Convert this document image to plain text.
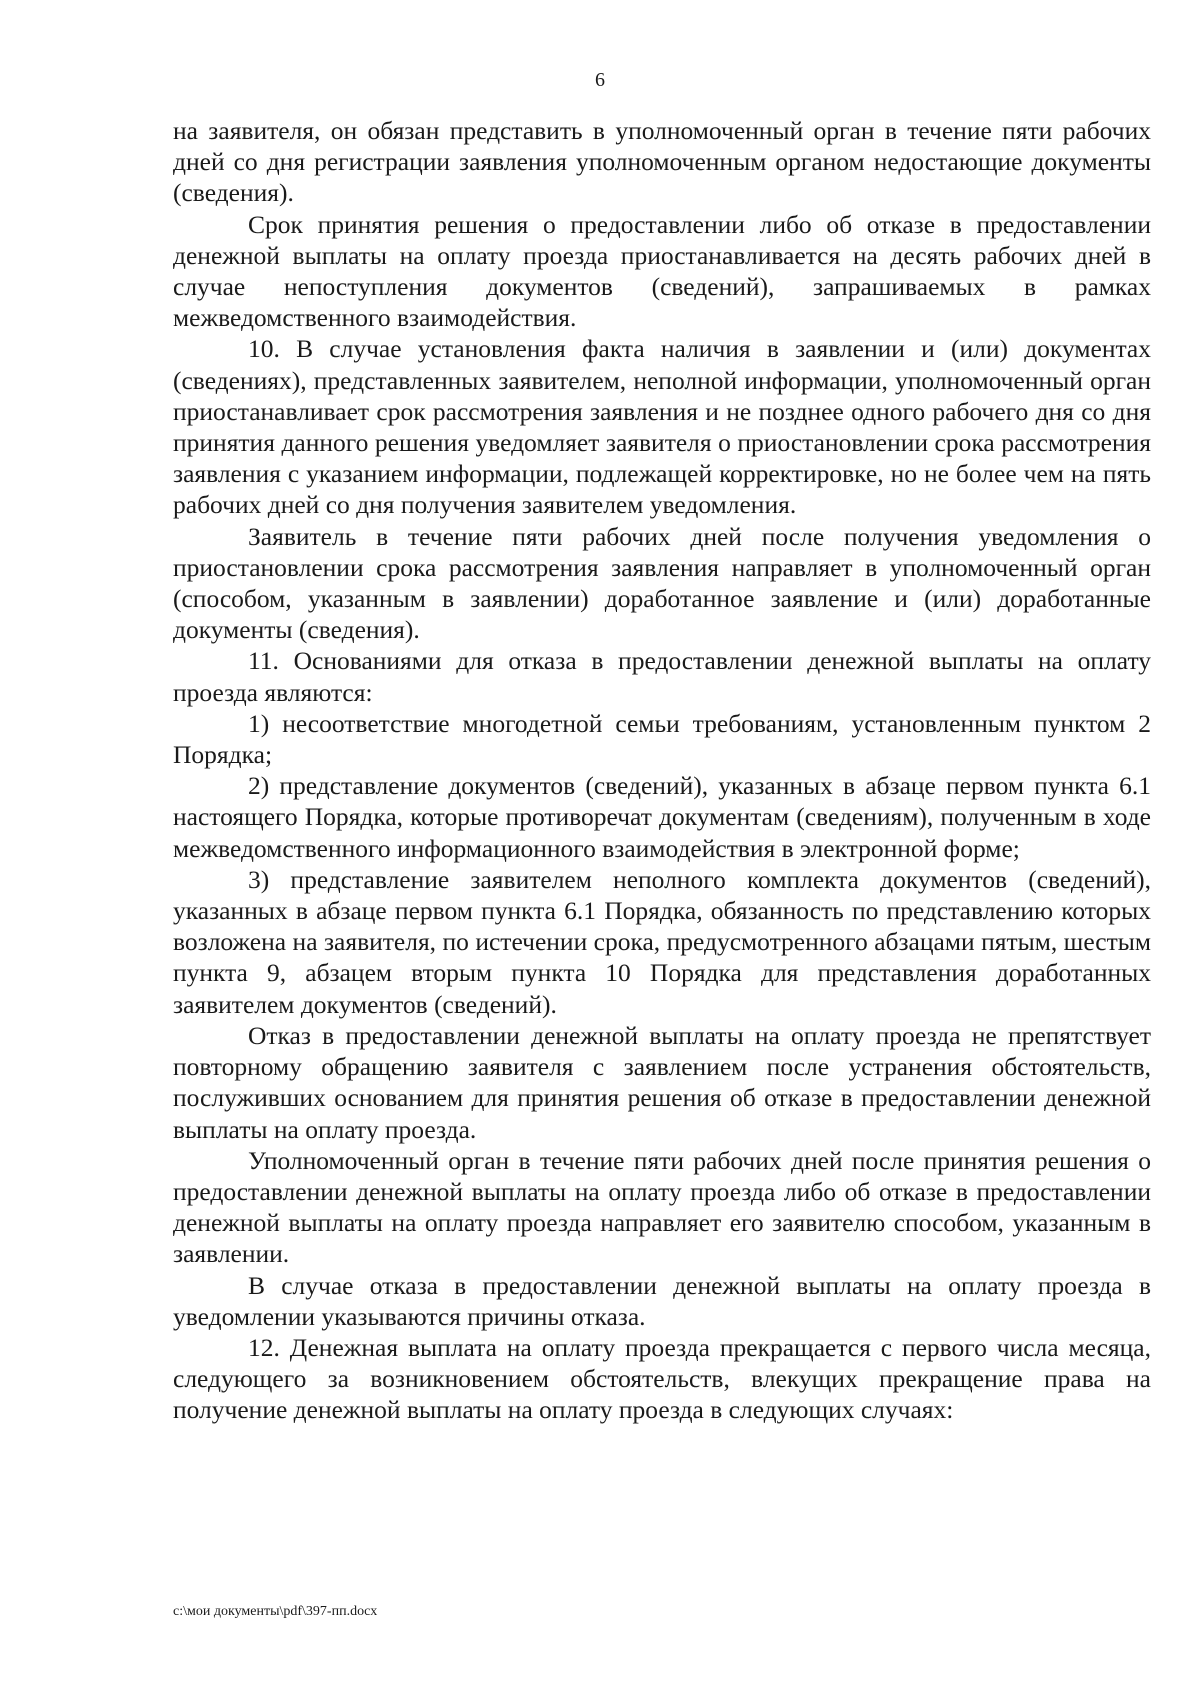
6

на заявителя, он обязан представить в уполномоченный орган в течение пяти рабочих дней со дня регистрации заявления уполномоченным органом недостающие документы (сведения).

Срок принятия решения о предоставлении либо об отказе в предоставлении денежной выплаты на оплату проезда приостанавливается на десять рабочих дней в случае непоступления документов (сведений), запрашиваемых в рамках межведомственного взаимодействия.

10. В случае установления факта наличия в заявлении и (или) документах (сведениях), представленных заявителем, неполной информации, уполномоченный орган приостанавливает срок рассмотрения заявления и не позднее одного рабочего дня со дня принятия данного решения уведомляет заявителя о приостановлении срока рассмотрения заявления с указанием информации, подлежащей корректировке, но не более чем на пять рабочих дней со дня получения заявителем уведомления.

Заявитель в течение пяти рабочих дней после получения уведомления о приостановлении срока рассмотрения заявления направляет в уполномоченный орган (способом, указанным в заявлении) доработанное заявление и (или) доработанные документы (сведения).

11. Основаниями для отказа в предоставлении денежной выплаты на оплату проезда являются:

1) несоответствие многодетной семьи требованиям, установленным пунктом 2 Порядка;

2) представление документов (сведений), указанных в абзаце первом пункта 6.1 настоящего Порядка, которые противоречат документам (сведениям), полученным в ходе межведомственного информационного взаимодействия в электронной форме;

3) представление заявителем неполного комплекта документов (сведений), указанных в абзаце первом пункта 6.1 Порядка, обязанность по представлению которых возложена на заявителя, по истечении срока, предусмотренного абзацами пятым, шестым пункта 9, абзацем вторым пункта 10 Порядка для представления доработанных заявителем документов (сведений).

Отказ в предоставлении денежной выплаты на оплату проезда не препятствует повторному обращению заявителя с заявлением после устранения обстоятельств, послуживших основанием для принятия решения об отказе в предоставлении денежной выплаты на оплату проезда.

Уполномоченный орган в течение пяти рабочих дней после принятия решения о предоставлении денежной выплаты на оплату проезда либо об отказе в предоставлении денежной выплаты на оплату проезда направляет его заявителю способом, указанным в заявлении.

В случае отказа в предоставлении денежной выплаты на оплату проезда в уведомлении указываются причины отказа.

12. Денежная выплата на оплату проезда прекращается с первого числа месяца, следующего за возникновением обстоятельств, влекущих прекращение права на получение денежной выплаты на оплату проезда в следующих случаях:

c:\мои документы\pdf\397-пп.docx
